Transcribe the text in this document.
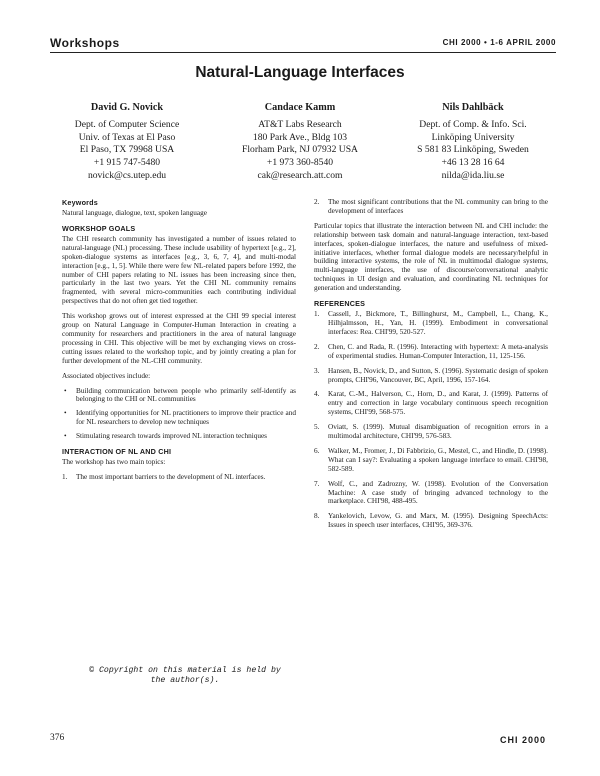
Workshops	CHI 2000 • 1-6 APRIL 2000
Natural-Language Interfaces
David G. Novick
Dept. of Computer Science
Univ. of Texas at El Paso
El Paso, TX 79968 USA
+1 915 747-5480
novick@cs.utep.edu
Candace Kamm
AT&T Labs Research
180 Park Ave., Bldg 103
Florham Park, NJ 07932 USA
+1 973 360-8540
cak@research.att.com
Nils Dahlbäck
Dept. of Comp. & Info. Sci.
Linköping University
S 581 83 Linköping, Sweden
+46 13 28 16 64
nilda@ida.liu.se
Keywords

Natural language, dialogue, text, spoken language

WORKSHOP GOALS

The CHI research community has investigated a number of issues related to natural-language (NL) processing. These include usability of hypertext [e.g., 2], spoken-dialogue systems as interfaces [e.g., 3, 6, 7, 4], and multi-modal interaction [e.g., 1, 5]. While there were few NL-related papers before 1992, the number of CHI papers relating to NL issues has been increasing since then, particularly in the last two years. Yet the CHI NL community remains fragmented, with several micro-communities each contributing individual perspectives that do not often get tied together.

This workshop grows out of interest expressed at the CHI 99 special interest group on Natural Language in Computer-Human Interaction in creating a community for researchers and practitioners in the area of natural language processing in CHI. This objective will be met by exchanging views on cross-cutting issues related to the workshop topic, and by jointly creating a plan for further development of the NL-CHI community.

Associated objectives include:

• Building communication between people who primarily self-identify as belonging to the CHI or NL communities
• Identifying opportunities for NL practitioners to improve their practice and for NL researchers to develop new techniques
• Stimulating research towards improved NL interaction techniques
INTERACTION OF NL AND CHI

The workshop has two main topics:

1. The most important barriers to the development of NL interfaces.
2. The most significant contributions that the NL community can bring to the development of interfaces

Particular topics that illustrate the interaction between NL and CHI include: the relationship between task domain and natural-language interaction, text-based interfaces, spoken-dialogue interfaces, the nature and usefulness of mixed-initiative interfaces, whether formal dialogue models are necessary/helpful in building interactive systems, the role of NL in multimodal dialogue systems, multi-language interfaces, the use of discourse/conversational analytic techniques in UI design and evaluation, and coordinating NL techniques for generation and understanding.

REFERENCES
1. Cassell, J., Bickmore, T., Billinghurst, M., Campbell, L., Chang, K., Hilhjalmsson, H., Yan, H. (1999). Embodiment in conversational interfaces: Rea. CHI'99, 520-527.
2. Chen, C. and Rada, R. (1996). Interacting with hypertext: A meta-analysis of experimental studies. Human-Computer Interaction, 11, 125-156.
3. Hansen, B., Novick, D., and Sutton, S. (1996). Systematic design of spoken prompts, CHI'96, Vancouver, BC, April, 1996, 157-164.
4. Karat, C.-M., Halverson, C., Horn, D., and Karat, J. (1999). Patterns of entry and correction in large vocabulary continuous speech recognition systems, CHI'99, 568-575.
5. Oviatt, S. (1999). Mutual disambiguation of recognition errors in a multimodal architecture, CHI'99, 576-583.
6. Walker, M., Fromer, J., Di Fabbrizio, G., Mestel, C., and Hindle, D. (1998). What can I say?: Evaluating a spoken language interface to email. CHI'98, 582-589.
7. Wolf, C., and Zadrozny, W. (1998). Evolution of the Conversation Machine: A case study of bringing advanced technology to the marketplace. CHI'98, 488-495.
8. Yankelovich, Levow, G. and Marx, M. (1995). Designing SpeechActs: Issues in speech user interfaces, CHI'95, 369-376.
© Copyright on this material is held by the author(s).
376	CHI 2000
